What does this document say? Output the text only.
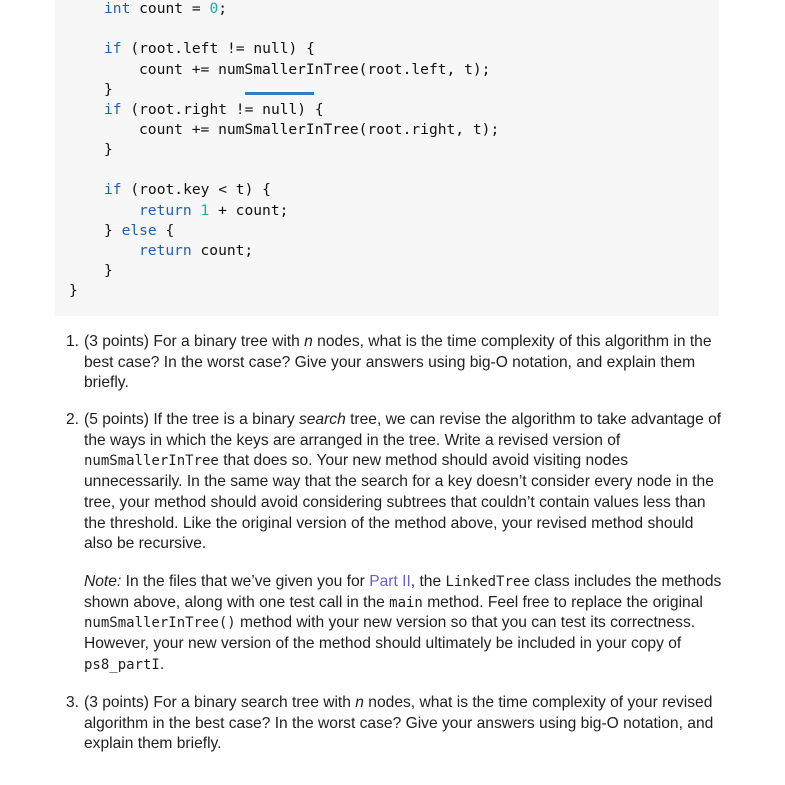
int count = 0;
if (root.left != null) {
count += numSmallerInTree(root.left, t);
}
if (root.right != null) {
count += numSmallerInTree(root.right, t);
}
if (root.key < t) {
return 1 + count;
} else {
return count;
}
}
1. (3 points) For a binary tree with n nodes, what is the time complexity of this algorithm in the best case? In the worst case? Give your answers using big-O notation, and explain them briefly.
2. (5 points) If the tree is a binary search tree, we can revise the algorithm to take advantage of the ways in which the keys are arranged in the tree. Write a revised version of numSmallerInTree that does so. Your new method should avoid visiting nodes unnecessarily. In the same way that the search for a key doesn’t consider every node in the tree, your method should avoid considering subtrees that couldn’t contain values less than the threshold. Like the original version of the method above, your revised method should also be recursive.
Note: In the files that we’ve given you for Part II, the LinkedTree class includes the methods shown above, along with one test call in the main method. Feel free to replace the original numSmallerInTree() method with your new version so that you can test its correctness. However, your new version of the method should ultimately be included in your copy of ps8_partI.
3. (3 points) For a binary search tree with n nodes, what is the time complexity of your revised algorithm in the best case? In the worst case? Give your answers using big-O notation, and explain them briefly.
